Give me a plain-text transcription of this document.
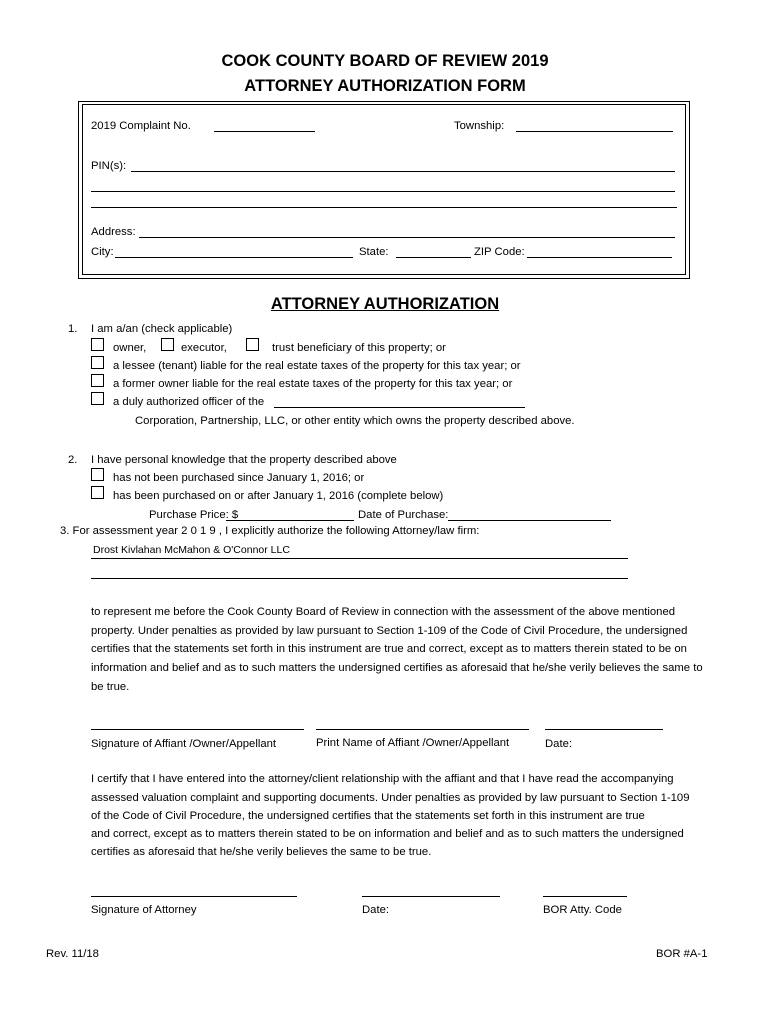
COOK COUNTY BOARD OF REVIEW 2019
ATTORNEY AUTHORIZATION FORM
2019 Complaint No.	Township:
PIN(s):
Address:
City:	State:	ZIP Code:
ATTORNEY AUTHORIZATION
1. I am a/an (check applicable)
owner,	executor,	trust beneficiary of this property; or
a lessee (tenant) liable for the real estate taxes of the property for this tax year; or
a former owner liable for the real estate taxes of the property for this tax year; or
a duly authorized officer of the
Corporation, Partnership, LLC, or other entity which owns the property described above.
2. I have personal knowledge that the property described above
has not been purchased since January 1, 2016; or
has been purchased on or after January 1, 2016 (complete below)
Purchase Price: $	Date of Purchase:
3. For assessment year 2 0 1 9 , I explicitly authorize the following Attorney/law firm:
Drost Kivlahan McMahon & O'Connor LLC
to represent me before the Cook County Board of Review in connection with the assessment of the above mentioned
property. Under penalties as provided by law pursuant to Section 1-109 of the Code of Civil Procedure, the undersigned
certifies that the statements set forth in this instrument are true and correct, except as to matters therein stated to be on
information and belief and as to such matters the undersigned certifies as aforesaid that he/she verily believes the same to
be true.
Signature of Affiant /Owner/Appellant	Print Name of Affiant /Owner/Appellant	Date:
I certify that I have entered into the attorney/client relationship with the affiant and that I have read the accompanying
assessed valuation complaint and supporting documents. Under penalties as provided by law pursuant to Section 1-109
of the Code of Civil Procedure, the undersigned certifies that the statements set forth in this instrument are true
and correct, except as to matters therein stated to be on information and belief and as to such matters the undersigned
certifies as aforesaid that he/she verily believes the same to be true.
Signature of Attorney	Date:	BOR Atty. Code
Rev. 11/18	BOR #A-1
